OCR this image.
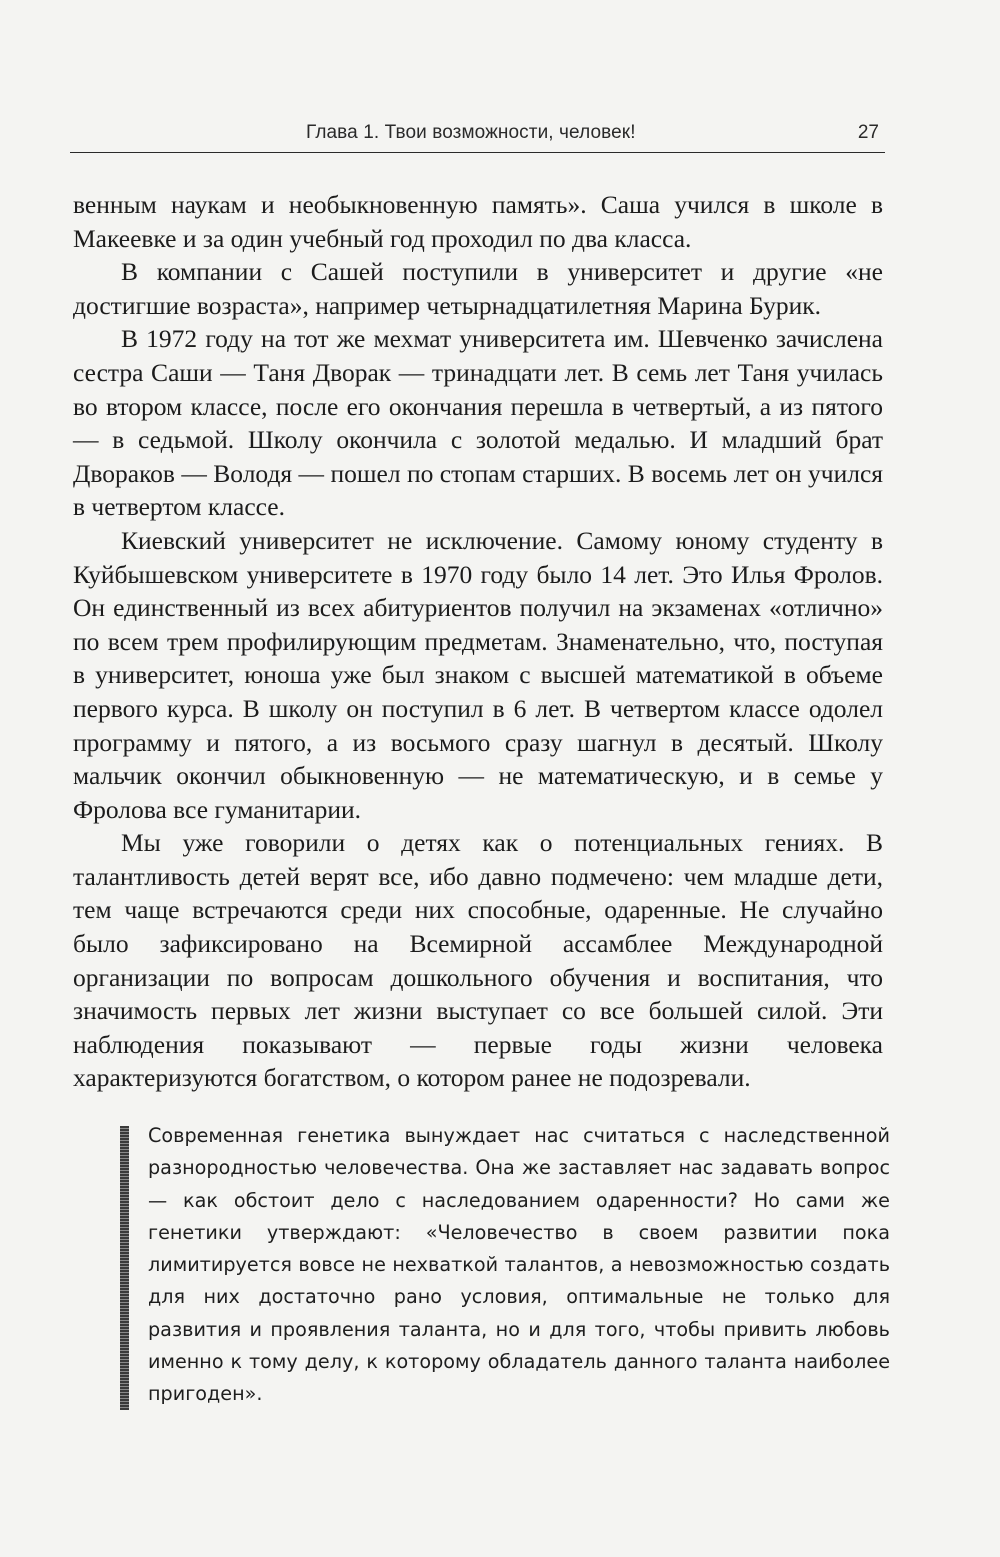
Глава 1. Твои возможности, человек!	27

венным наукам и необыкновенную память». Саша учился в школе в Макеевке и за один учебный год проходил по два класса.

В компании с Сашей поступили в университет и другие «не достигшие возраста», например четырнадцатилетняя Марина Бурик.

В 1972 году на тот же мехмат университета им. Шевченко зачислена сестра Саши — Таня Дворак — тринадцати лет. В семь лет Таня училась во втором классе, после его окончания перешла в четвертый, а из пятого — в седьмой. Школу окончила с золотой медалью. И младший брат Двораков — Володя — пошел по стопам старших. В восемь лет он учился в четвертом классе.

Киевский университет не исключение. Самому юному студенту в Куйбышевском университете в 1970 году было 14 лет. Это Илья Фролов. Он единственный из всех абитуриентов получил на экзаменах «отлично» по всем трем профилирующим предметам. Знаменательно, что, поступая в университет, юноша уже был знаком с высшей математикой в объеме первого курса. В школу он поступил в 6 лет. В четвертом классе одолел программу и пятого, а из восьмого сразу шагнул в десятый. Школу мальчик окончил обыкновенную — не математическую, и в семье у Фролова все гуманитарии.

Мы уже говорили о детях как о потенциальных гениях. В талантливость детей верят все, ибо давно подмечено: чем младше дети, тем чаще встречаются среди них способные, одаренные. Не случайно было зафиксировано на Всемирной ассамблее Международной организации по вопросам дошкольного обучения и воспитания, что значимость первых лет жизни выступает со все большей силой. Эти наблюдения показывают — первые годы жизни человека характеризуются богатством, о котором ранее не подозревали.

Современная генетика вынуждает нас считаться с наследственной разнородностью человечества. Она же заставляет нас задавать вопрос — как обстоит дело с наследованием одаренности? Но сами же генетики утверждают: «Человечество в своем развитии пока лимитируется вовсе не нехваткой талантов, а невозможностью создать для них достаточно рано условия, оптимальные не только для развития и проявления таланта, но и для того, чтобы привить любовь именно к тому делу, к которому обладатель данного таланта наиболее пригоден».
